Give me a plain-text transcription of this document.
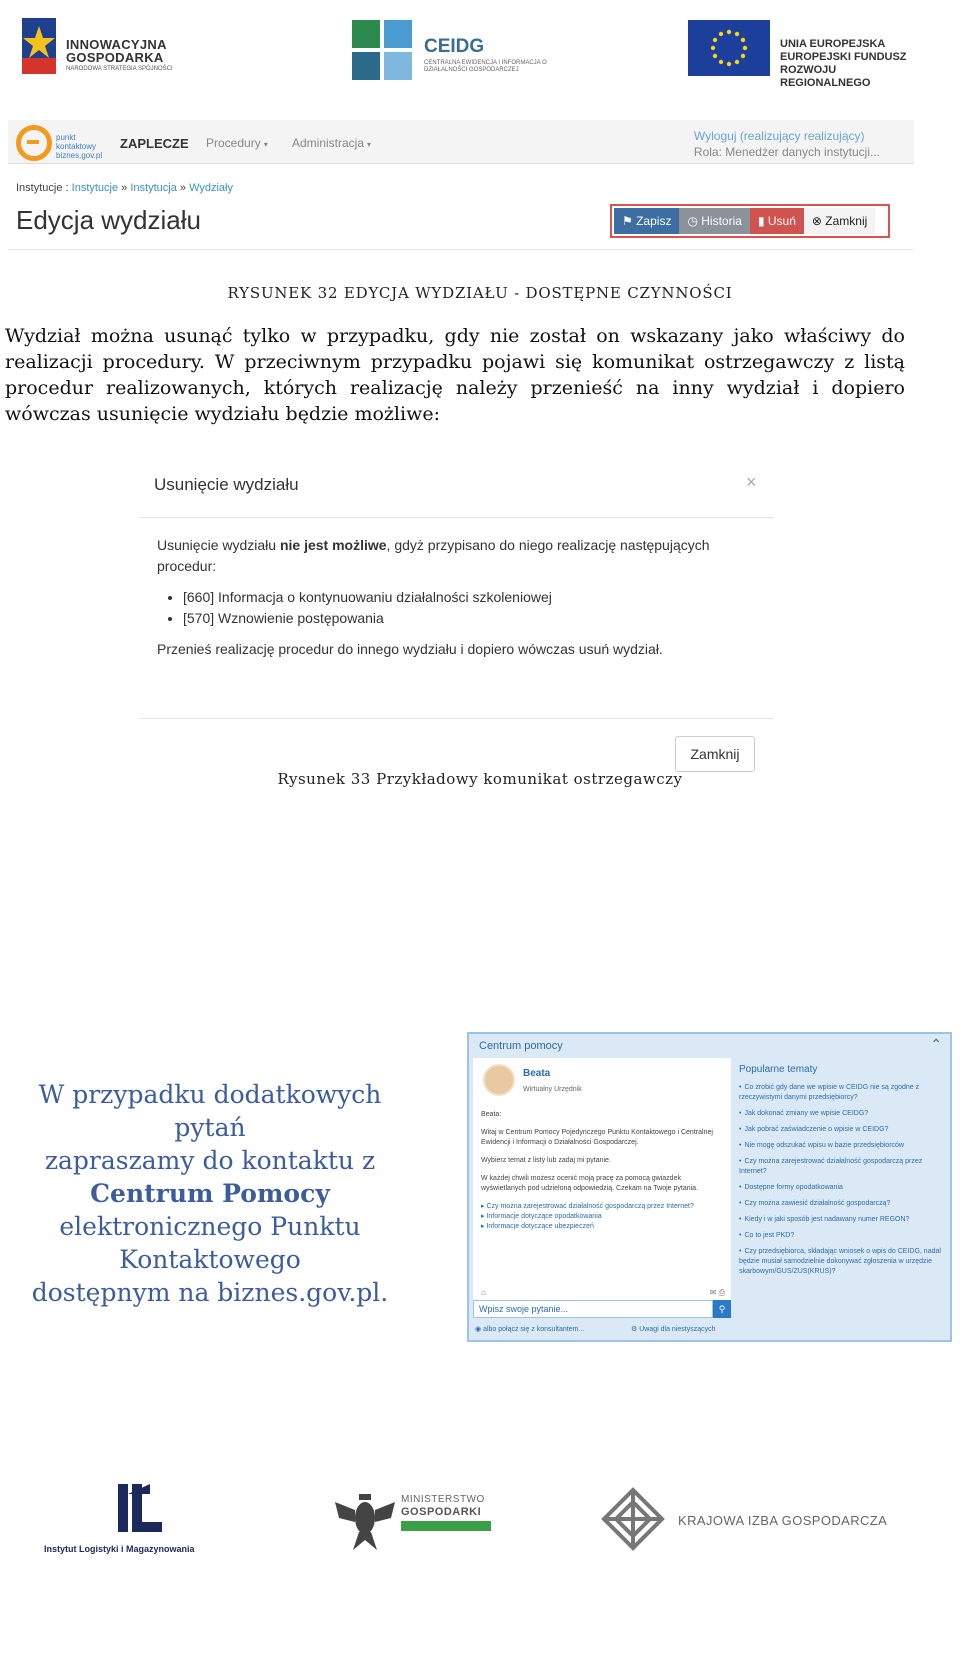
INNOWACYJNA
GOSPODARKA
NARODOWA STRATEGIA SPÓJNOŚCI
CEIDG
CENTRALNA EWIDENCJA I INFORMACJA O DZIAŁALNOŚCI GOSPODARCZEJ
UNIA EUROPEJSKA
EUROPEJSKI FUNDUSZ
ROZWOJU REGIONALNEGO
punkt kontaktowy biznes.gov.pl
ZAPLECZE Procedury ▾ Administracja ▾
Wyloguj (realizujący realizujący)
Rola: Menedżer danych instytucji...
Instytucje : Instytucje » Instytucja » Wydziały
Edycja wydziału	⚑ Zapisz	◷ Historia	▮ Usuń	⊗ Zamknij
RYSUNEK 32 EDYCJA WYDZIAŁU - DOSTĘPNE CZYNNOŚCI

Wydział można usunąć tylko w przypadku, gdy nie został on wskazany jako właściwy do realizacji procedury. W przeciwnym przypadku pojawi się komunikat ostrzegawczy z listą procedur realizowanych, których realizację należy przenieść na inny wydział i dopiero wówczas usunięcie wydziału będzie możliwe:

Usunięcie wydziału	×

Usunięcie wydziału nie jest możliwe, gdyż przypisano do niego realizację następujących procedur:

• [660] Informacja o kontynuowaniu działalności szkoleniowej
• [570] Wznowienie postępowania

Przenieś realizację procedur do innego wydziału i dopiero wówczas usuń wydział.

Zamknij
Rysunek 33 Przykładowy komunikat ostrzegawczy
W przypadku dodatkowych pytań
zapraszamy do kontaktu z
Centrum Pomocy
elektronicznego Punktu
Kontaktowego
dostępnym na biznes.gov.pl.
Centrum pomocy	⌃
Beata
Wirtualny Urzędnik

Beata:

Witaj w Centrum Pomocy Pojedynczego Punktu Kontaktowego i Centralnej Ewidencji i Informacji o Działalności Gospodarczej.

Wybierz temat z listy lub zadaj mi pytanie.

W każdej chwili możesz ocenić moją pracę za pomocą gwiazdek wyświetlanych pod udzieloną odpowiedzią. Czekam na Twoje pytania.

▸ Czy można zarejestrować działalność gospodarczą przez Internet?
▸ Informacje dotyczące opodatkowania
▸ Informacje dotyczące ubezpieczeń
⌂	✉ ⎙
Popularne tematy
• Co zrobić gdy dane we wpisie w CEIDG nie są zgodne z rzeczywistymi danymi przedsiębiorcy?
• Jak dokonać zmiany we wpisie CEIDG?
• Jak pobrać zaświadczenie o wpisie w CEIDG?
• Nie mogę odszukać wpisu w bazie przedsiębiorców
• Czy można zarejestrować działalność gospodarczą przez Internet?
• Dostępne formy opodatkowania
• Czy można zawiesić działalność gospodarczą?
• Kiedy i w jaki sposób jest nadawany numer REGON?
• Co to jest PKD?
• Czy przedsiębiorca, składając wniosek o wpis do CEIDG, nadal będzie musiał samodzielnie dokonywać zgłoszenia w urzędzie skarbowym/GUS/ZUS(KRUS)?
Wpisz swoje pytanie...	⚲
◉ albo połącz się z konsultantem...	⚙ Uwagi dla niestyszących
Instytut Logistyki i Magazynowania
MINISTERSTWO
GOSPODARKI
KRAJOWA IZBA GOSPODARCZA
